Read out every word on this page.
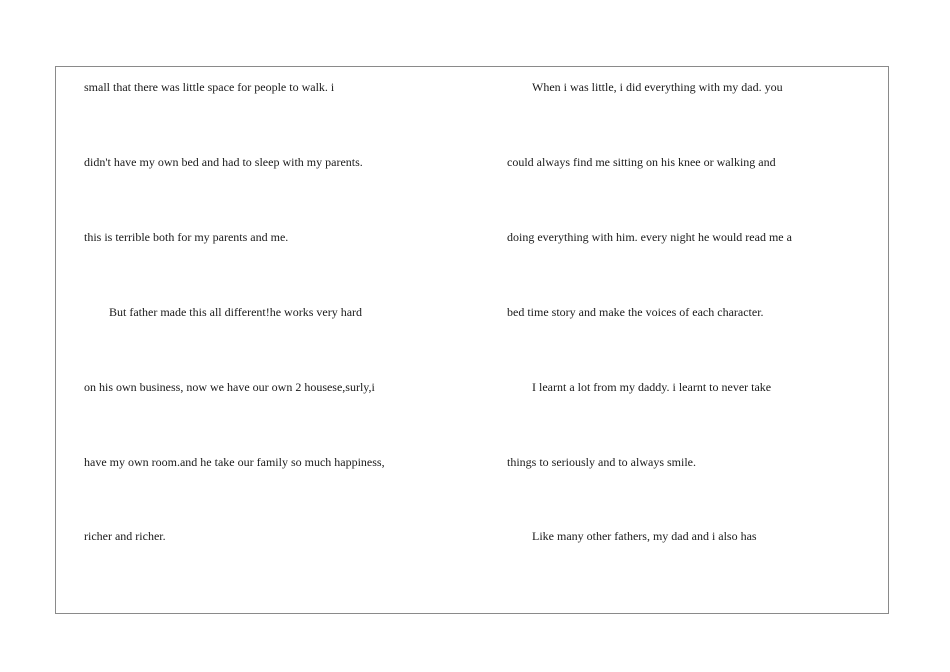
small that there was little space for people to walk. i

didn't have my own bed and had to sleep with my parents.

this is terrible both for my parents and me.

But father made this all different!he works very hard

on his own business, now we have our own 2 housese,surly,i

have my own room.and he take our family so much happiness,

richer and richer.

When i was little, i did everything with my dad. you

could always find me sitting on his knee or walking and

doing everything with him. every night he would read me a

bed time story and make the voices of each character.

I learnt a lot from my daddy. i learnt to never take

things to seriously and to always smile.

Like many other fathers, my dad and i also has
